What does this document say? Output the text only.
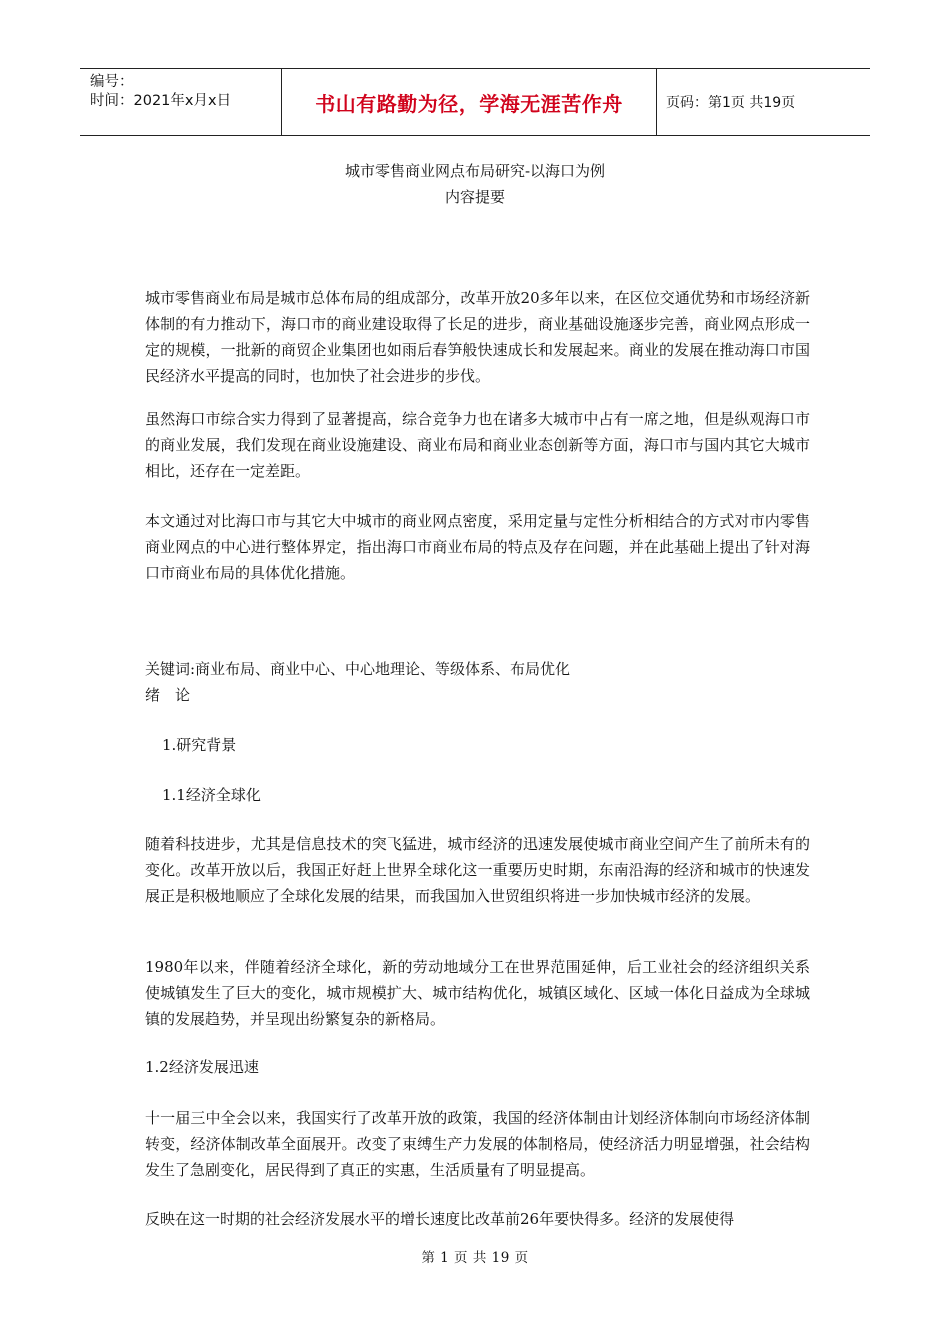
编号：
时间：2021年x月x日	书山有路勤为径，学海无涯苦作舟	页码：第1页 共19页
城市零售商业网点布局研究-以海口为例
内容提要

城市零售商业布局是城市总体布局的组成部分，改革开放20多年以来，在区位交通优势和市场经济新体制的有力推动下，海口市的商业建设取得了长足的进步，商业基础设施逐步完善，商业网点形成一定的规模，一批新的商贸企业集团也如雨后春笋般快速成长和发展起来。商业的发展在推动海口市国民经济水平提高的同时，也加快了社会进步的步伐。

虽然海口市综合实力得到了显著提高，综合竞争力也在诸多大城市中占有一席之地，但是纵观海口市的商业发展，我们发现在商业设施建设、商业布局和商业业态创新等方面，海口市与国内其它大城市相比，还存在一定差距。

本文通过对比海口市与其它大中城市的商业网点密度，采用定量与定性分析相结合的方式对市内零售商业网点的中心进行整体界定，指出海口市商业布局的特点及存在问题，并在此基础上提出了针对海口市商业布局的具体优化措施。

关键词:商业布局、商业中心、中心地理论、等级体系、布局优化
绪　论
1.研究背景
1.1经济全球化

随着科技进步，尤其是信息技术的突飞猛进，城市经济的迅速发展使城市商业空间产生了前所未有的变化。改革开放以后，我国正好赶上世界全球化这一重要历史时期，东南沿海的经济和城市的快速发展正是积极地顺应了全球化发展的结果，而我国加入世贸组织将进一步加快城市经济的发展。

1980年以来，伴随着经济全球化，新的劳动地域分工在世界范围延伸，后工业社会的经济组织关系使城镇发生了巨大的变化，城市规模扩大、城市结构优化，城镇区域化、区域一体化日益成为全球城镇的发展趋势，并呈现出纷繁复杂的新格局。

1.2经济发展迅速

十一届三中全会以来，我国实行了改革开放的政策，我国的经济体制由计划经济体制向市场经济体制转变，经济体制改革全面展开。改变了束缚生产力发展的体制格局，使经济活力明显增强，社会结构发生了急剧变化，居民得到了真正的实惠，生活质量有了明显提高。

反映在这一时期的社会经济发展水平的增长速度比改革前26年要快得多。经济的发展使得

第 1 页 共 19 页
